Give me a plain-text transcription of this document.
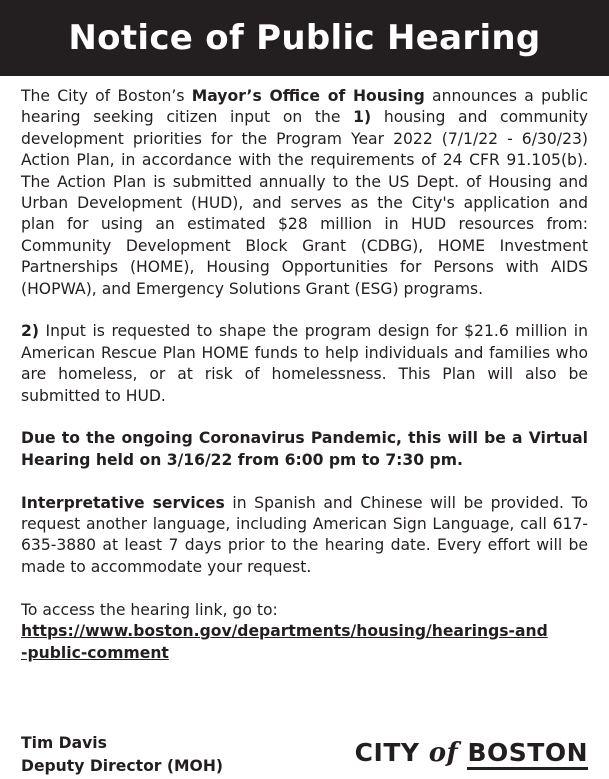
Notice of Public Hearing

The City of Boston’s Mayor’s Office of Housing announces a public hearing seeking citizen input on the 1) housing and community development priorities for the Program Year 2022 (7/1/22 - 6/30/23) Action Plan, in accordance with the requirements of 24 CFR 91.105(b). The Action Plan is submitted annually to the US Dept. of Housing and Urban Development (HUD), and serves as the City's application and plan for using an estimated $28 million in HUD resources from: Community Development Block Grant (CDBG), HOME Investment Partnerships (HOME), Housing Opportunities for Persons with AIDS (HOPWA), and Emergency Solutions Grant (ESG) programs.

2) Input is requested to shape the program design for $21.6 million in American Rescue Plan HOME funds to help individuals and families who are homeless, or at risk of homelessness. This Plan will also be submitted to HUD.

Due to the ongoing Coronavirus Pandemic, this will be a Virtual Hearing held on 3/16/22 from 6:00 pm to 7:30 pm.

Interpretative services in Spanish and Chinese will be provided. To request another language, including American Sign Language, call 617-635-3880 at least 7 days prior to the hearing date. Every effort will be made to accommodate your request.

To access the hearing link, go to:
https://www.boston.gov/departments/housing/hearings-and
-public-comment

Tim Davis
Deputy Director (MOH)	CITY of BOSTON
